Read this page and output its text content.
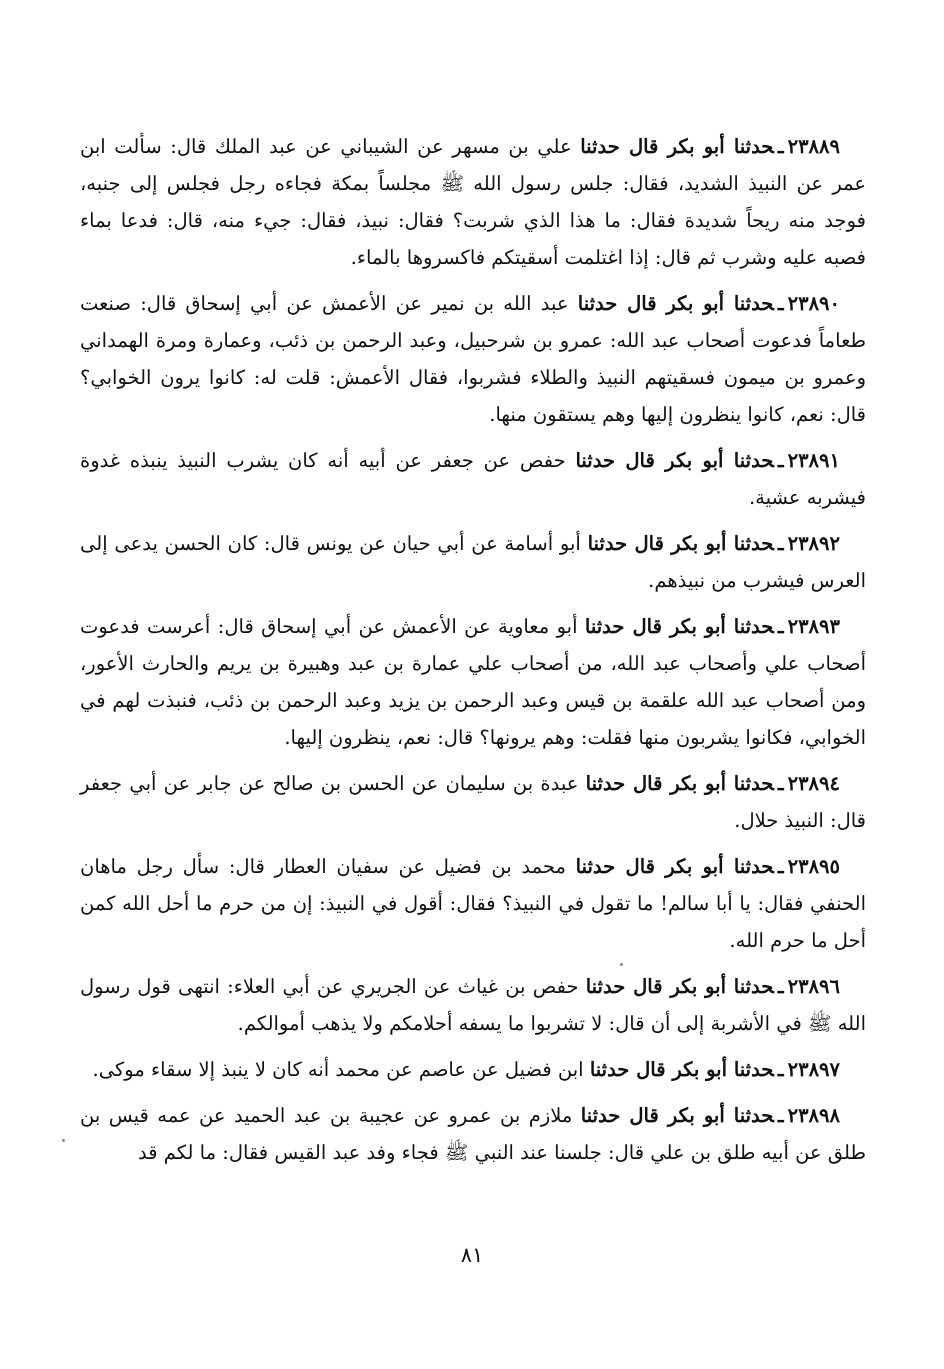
٢٣٨٨٩ـحدثنا أبو بكر قال حدثنا علي بن مسهر عن الشيباني عن عبد الملك قال: سألت ابن عمر عن النبيذ الشديد، فقال: جلس رسول الله ﷺ مجلساً بمكة فجاءه رجل فجلس إلى جنبه، فوجد منه ريحاً شديدة فقال: ما هذا الذي شربت؟ فقال: نبيذ، فقال: جيء منه، قال: فدعا بماء فصبه عليه وشرب ثم قال: إذا اغتلمت أسقيتكم فاكسروها بالماء.

٢٣٨٩٠ـحدثنا أبو بكر قال حدثنا عبد الله بن نمير عن الأعمش عن أبي إسحاق قال: صنعت طعاماً فدعوت أصحاب عبد الله: عمرو بن شرحبيل، وعبد الرحمن بن ذئب، وعمارة ومرة الهمداني وعمرو بن ميمون فسقيتهم النبيذ والطلاء فشربوا، فقال الأعمش: قلت له: كانوا يرون الخوابي؟ قال: نعم، كانوا ينظرون إليها وهم يستقون منها.

٢٣٨٩١ـحدثنا أبو بكر قال حدثنا حفص عن جعفر عن أبيه أنه كان يشرب النبيذ ينبذه غدوة فيشربه عشية.

٢٣٨٩٢ـحدثنا أبو بكر قال حدثنا أبو أسامة عن أبي حيان عن يونس قال: كان الحسن يدعى إلى العرس فيشرب من نبيذهم.

٢٣٨٩٣ـحدثنا أبو بكر قال حدثنا أبو معاوية عن الأعمش عن أبي إسحاق قال: أعرست فدعوت أصحاب علي وأصحاب عبد الله، من أصحاب علي عمارة بن عبد وهبيرة بن يريم والحارث الأعور، ومن أصحاب عبد الله علقمة بن قيس وعبد الرحمن بن يزيد وعبد الرحمن بن ذئب، فنبذت لهم في الخوابي، فكانوا يشربون منها فقلت: وهم يرونها؟ قال: نعم، ينظرون إليها.

٢٣٨٩٤ـحدثنا أبو بكر قال حدثنا عبدة بن سليمان عن الحسن بن صالح عن جابر عن أبي جعفر قال: النبيذ حلال.

٢٣٨٩٥ـحدثنا أبو بكر قال حدثنا محمد بن فضيل عن سفيان العطار قال: سأل رجل ماهان الحنفي فقال: يا أبا سالم! ما تقول في النبيذ؟ فقال: أقول في النبيذ: إن من حرم ما أحل الله كمن أحل ما حرم الله.

٢٣٨٩٦ـحدثنا أبو بكر قال حدثنا حفص بن غياث عن الجريري عن أبي العلاء: انتهى قول رسول الله ﷺ في الأشربة إلى أن قال: لا تشربوا ما يسفه أحلامكم ولا يذهب أموالكم.

٢٣٨٩٧ـحدثنا أبو بكر قال حدثنا ابن فضيل عن عاصم عن محمد أنه كان لا ينبذ إلا سقاء موكى.

٢٣٨٩٨ـحدثنا أبو بكر قال حدثنا ملازم بن عمرو عن عجيبة بن عبد الحميد عن عمه قيس بن طلق عن أبيه طلق بن علي قال: جلسنا عند النبي ﷺ فجاء وفد عبد القيس فقال: ما لكم قد

٨١
